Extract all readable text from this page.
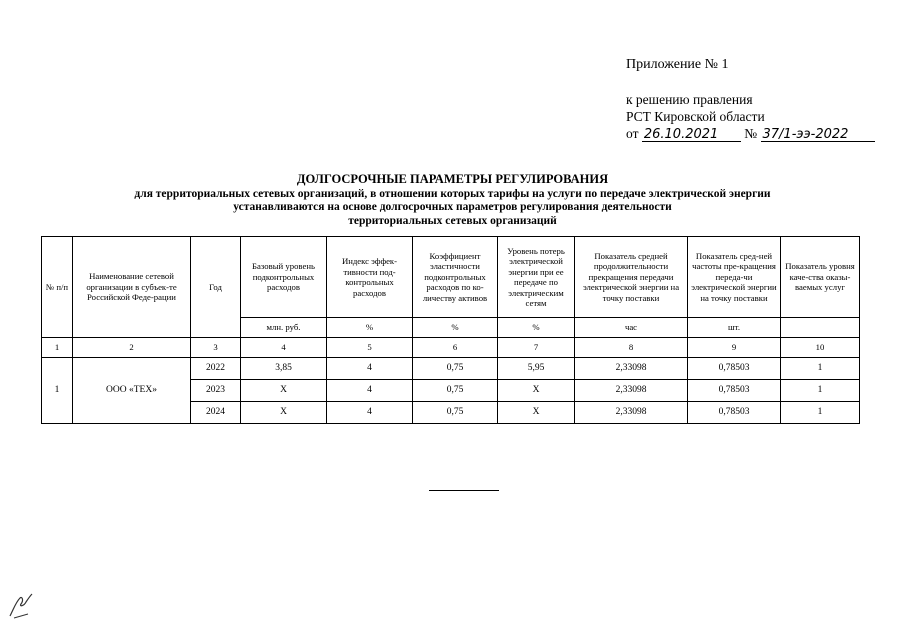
Приложение № 1
к решению правления
РСТ Кировской области
от 26.10.2021 № 37/1-ээ-2022
ДОЛГОСРОЧНЫЕ ПАРАМЕТРЫ РЕГУЛИРОВАНИЯ
для территориальных сетевых организаций, в отношении которых тарифы на услуги по передаче электрической энергии
устанавливаются на основе долгосрочных параметров регулирования деятельности
территориальных сетевых организаций
№ п/п	Наименование сетевой организации в субъек-те Российской Феде-рации	Год	Базовый уровень подконтрольных расходов	Индекс эффек-тивности под-контрольных расходов	Коэффициент эластичности подконтрольных расходов по ко-личеству активов	Уровень потерь электрической энергии при ее передаче по электрическим сетям	Показатель средней продолжительности прекращения передачи электрической энергии на точку поставки	Показатель сред-ней частоты пре-кращения переда-чи электрической энергии на точку поставки	Показатель уровня каче-ства оказы-ваемых услуг
			млн. руб.	%	%	%	час	шт.	
1	2	3	4	5	6	7	8	9	10
1	ООО «ТЕХ»	2022	3,85	4	0,75	5,95	2,33098	0,78503	1
		2023	Х	4	0,75	Х	2,33098	0,78503	1
		2024	Х	4	0,75	Х	2,33098	0,78503	1
